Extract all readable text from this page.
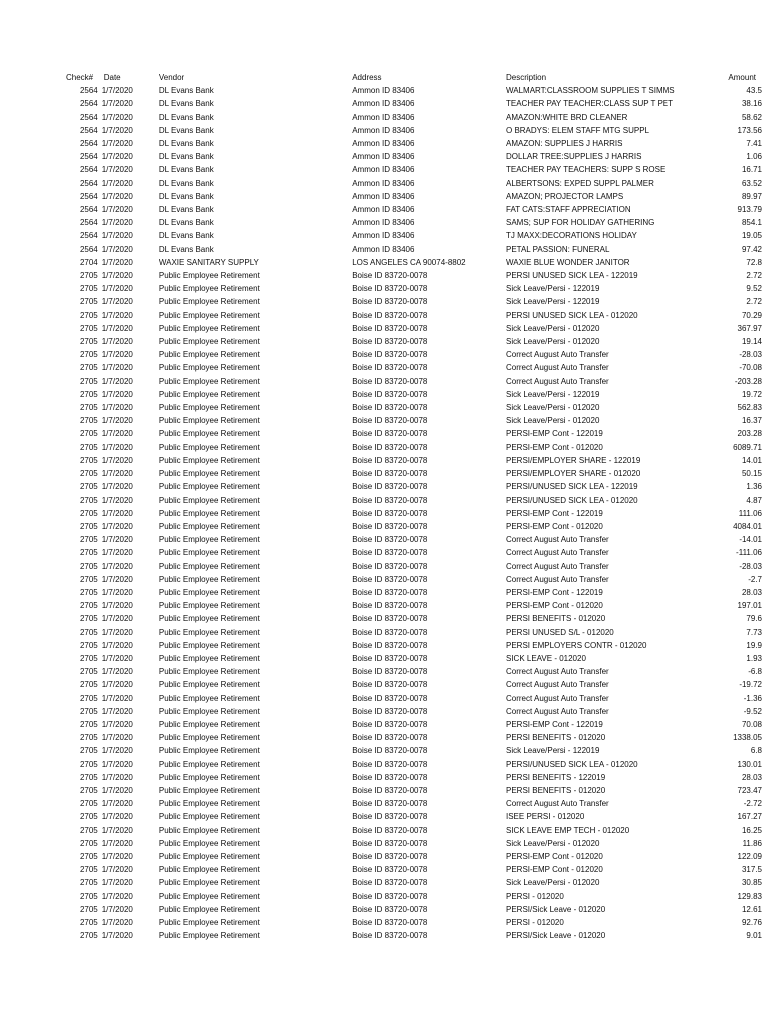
Check#	Date	Vendor	Address	Description	Amount
2564	1/7/2020	DL Evans Bank	Ammon ID 83406	WALMART:CLASSROOM SUPPLIES T SIMMS	43.5
2564	1/7/2020	DL Evans Bank	Ammon ID 83406	TEACHER PAY TEACHER:CLASS SUP T PET	38.16
2564	1/7/2020	DL Evans Bank	Ammon ID 83406	AMAZON:WHITE BRD CLEANER	58.62
2564	1/7/2020	DL Evans Bank	Ammon ID 83406	O BRADYS: ELEM STAFF MTG SUPPL	173.56
2564	1/7/2020	DL Evans Bank	Ammon ID 83406	AMAZON: SUPPLIES J HARRIS	7.41
2564	1/7/2020	DL Evans Bank	Ammon ID 83406	DOLLAR TREE:SUPPLIES J HARRIS	1.06
2564	1/7/2020	DL Evans Bank	Ammon ID 83406	TEACHER PAY TEACHERS: SUPP S ROSE	16.71
2564	1/7/2020	DL Evans Bank	Ammon ID 83406	ALBERTSONS: EXPED SUPPL PALMER	63.52
2564	1/7/2020	DL Evans Bank	Ammon ID 83406	AMAZON; PROJECTOR LAMPS	89.97
2564	1/7/2020	DL Evans Bank	Ammon ID 83406	FAT CATS:STAFF APPRECIATION	913.79
2564	1/7/2020	DL Evans Bank	Ammon ID 83406	SAMS; SUP FOR HOLIDAY GATHERING	854.1
2564	1/7/2020	DL Evans Bank	Ammon ID 83406	TJ MAXX:DECORATIONS HOLIDAY	19.05
2564	1/7/2020	DL Evans Bank	Ammon ID 83406	PETAL PASSION: FUNERAL	97.42
2704	1/7/2020	WAXIE SANITARY SUPPLY	LOS ANGELES CA 90074-8802	WAXIE BLUE WONDER JANITOR	72.8
2705	1/7/2020	Public Employee Retirement	Boise ID 83720-0078	PERSI UNUSED SICK LEA - 122019	2.72
2705	1/7/2020	Public Employee Retirement	Boise ID 83720-0078	Sick Leave/Persi - 122019	9.52
2705	1/7/2020	Public Employee Retirement	Boise ID 83720-0078	Sick Leave/Persi - 122019	2.72
2705	1/7/2020	Public Employee Retirement	Boise ID 83720-0078	PERSI UNUSED SICK LEA - 012020	70.29
2705	1/7/2020	Public Employee Retirement	Boise ID 83720-0078	Sick Leave/Persi - 012020	367.97
2705	1/7/2020	Public Employee Retirement	Boise ID 83720-0078	Sick Leave/Persi - 012020	19.14
2705	1/7/2020	Public Employee Retirement	Boise ID 83720-0078	Correct August Auto Transfer	-28.03
2705	1/7/2020	Public Employee Retirement	Boise ID 83720-0078	Correct August Auto Transfer	-70.08
2705	1/7/2020	Public Employee Retirement	Boise ID 83720-0078	Correct August Auto Transfer	-203.28
2705	1/7/2020	Public Employee Retirement	Boise ID 83720-0078	Sick Leave/Persi - 122019	19.72
2705	1/7/2020	Public Employee Retirement	Boise ID 83720-0078	Sick Leave/Persi - 012020	562.83
2705	1/7/2020	Public Employee Retirement	Boise ID 83720-0078	Sick Leave/Persi - 012020	16.37
2705	1/7/2020	Public Employee Retirement	Boise ID 83720-0078	PERSI-EMP Cont - 122019	203.28
2705	1/7/2020	Public Employee Retirement	Boise ID 83720-0078	PERSI-EMP Cont - 012020	6089.71
2705	1/7/2020	Public Employee Retirement	Boise ID 83720-0078	PERSI/EMPLOYER SHARE - 122019	14.01
2705	1/7/2020	Public Employee Retirement	Boise ID 83720-0078	PERSI/EMPLOYER SHARE - 012020	50.15
2705	1/7/2020	Public Employee Retirement	Boise ID 83720-0078	PERSI/UNUSED SICK LEA - 122019	1.36
2705	1/7/2020	Public Employee Retirement	Boise ID 83720-0078	PERSI/UNUSED SICK LEA - 012020	4.87
2705	1/7/2020	Public Employee Retirement	Boise ID 83720-0078	PERSI-EMP Cont - 122019	111.06
2705	1/7/2020	Public Employee Retirement	Boise ID 83720-0078	PERSI-EMP Cont - 012020	4084.01
2705	1/7/2020	Public Employee Retirement	Boise ID 83720-0078	Correct August Auto Transfer	-14.01
2705	1/7/2020	Public Employee Retirement	Boise ID 83720-0078	Correct August Auto Transfer	-111.06
2705	1/7/2020	Public Employee Retirement	Boise ID 83720-0078	Correct August Auto Transfer	-28.03
2705	1/7/2020	Public Employee Retirement	Boise ID 83720-0078	Correct August Auto Transfer	-2.7
2705	1/7/2020	Public Employee Retirement	Boise ID 83720-0078	PERSI-EMP Cont - 122019	28.03
2705	1/7/2020	Public Employee Retirement	Boise ID 83720-0078	PERSI-EMP Cont - 012020	197.01
2705	1/7/2020	Public Employee Retirement	Boise ID 83720-0078	PERSI BENEFITS - 012020	79.6
2705	1/7/2020	Public Employee Retirement	Boise ID 83720-0078	PERSI UNUSED S/L - 012020	7.73
2705	1/7/2020	Public Employee Retirement	Boise ID 83720-0078	PERSI EMPLOYERS CONTR - 012020	19.9
2705	1/7/2020	Public Employee Retirement	Boise ID 83720-0078	SICK LEAVE - 012020	1.93
2705	1/7/2020	Public Employee Retirement	Boise ID 83720-0078	Correct August Auto Transfer	-6.8
2705	1/7/2020	Public Employee Retirement	Boise ID 83720-0078	Correct August Auto Transfer	-19.72
2705	1/7/2020	Public Employee Retirement	Boise ID 83720-0078	Correct August Auto Transfer	-1.36
2705	1/7/2020	Public Employee Retirement	Boise ID 83720-0078	Correct August Auto Transfer	-9.52
2705	1/7/2020	Public Employee Retirement	Boise ID 83720-0078	PERSI-EMP Cont - 122019	70.08
2705	1/7/2020	Public Employee Retirement	Boise ID 83720-0078	PERSI BENEFITS - 012020	1338.05
2705	1/7/2020	Public Employee Retirement	Boise ID 83720-0078	Sick Leave/Persi - 122019	6.8
2705	1/7/2020	Public Employee Retirement	Boise ID 83720-0078	PERSI/UNUSED SICK LEA - 012020	130.01
2705	1/7/2020	Public Employee Retirement	Boise ID 83720-0078	PERSI BENEFITS - 122019	28.03
2705	1/7/2020	Public Employee Retirement	Boise ID 83720-0078	PERSI BENEFITS - 012020	723.47
2705	1/7/2020	Public Employee Retirement	Boise ID 83720-0078	Correct August Auto Transfer	-2.72
2705	1/7/2020	Public Employee Retirement	Boise ID 83720-0078	ISEE PERSI - 012020	167.27
2705	1/7/2020	Public Employee Retirement	Boise ID 83720-0078	SICK LEAVE EMP TECH - 012020	16.25
2705	1/7/2020	Public Employee Retirement	Boise ID 83720-0078	Sick Leave/Persi - 012020	11.86
2705	1/7/2020	Public Employee Retirement	Boise ID 83720-0078	PERSI-EMP Cont - 012020	122.09
2705	1/7/2020	Public Employee Retirement	Boise ID 83720-0078	PERSI-EMP Cont - 012020	317.5
2705	1/7/2020	Public Employee Retirement	Boise ID 83720-0078	Sick Leave/Persi - 012020	30.85
2705	1/7/2020	Public Employee Retirement	Boise ID 83720-0078	PERSI - 012020	129.83
2705	1/7/2020	Public Employee Retirement	Boise ID 83720-0078	PERSI/Sick Leave - 012020	12.61
2705	1/7/2020	Public Employee Retirement	Boise ID 83720-0078	PERSI - 012020	92.76
2705	1/7/2020	Public Employee Retirement	Boise ID 83720-0078	PERSI/Sick Leave - 012020	9.01
